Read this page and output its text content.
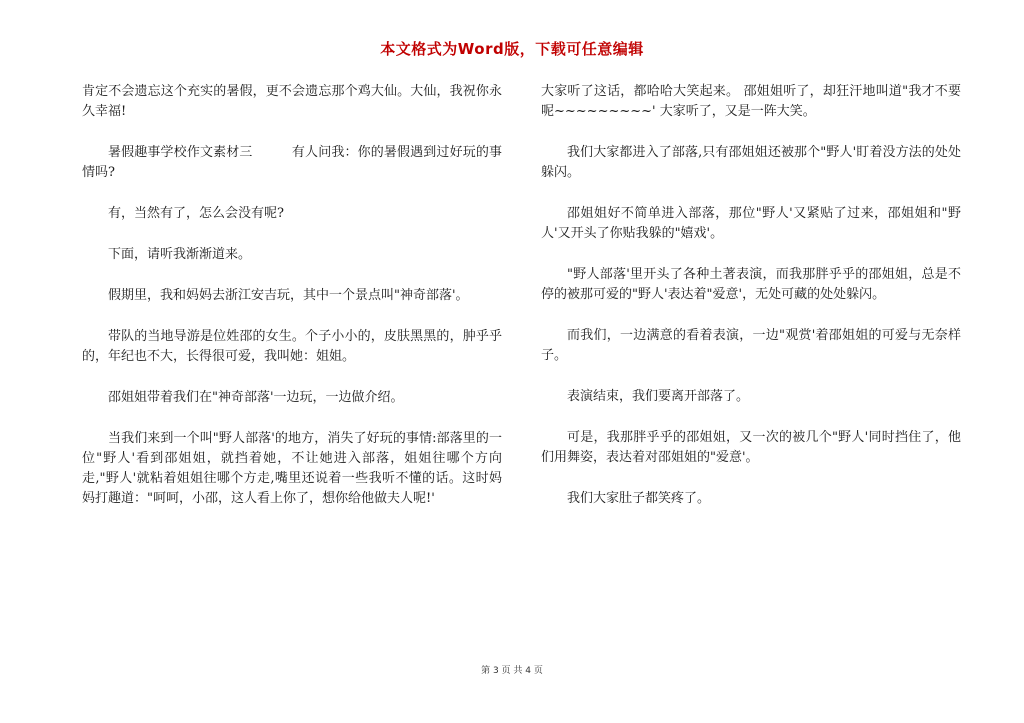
本文格式为Word版，下载可任意编辑

肯定不会遗忘这个充实的暑假，更不会遗忘那个鸡大仙。大仙，我祝你永久幸福!

暑假趣事学校作文素材三　　　有人问我：你的暑假遇到过好玩的事情吗?

有，当然有了，怎么会没有呢?

下面，请听我渐渐道来。

假期里，我和妈妈去浙江安吉玩，其中一个景点叫"神奇部落'。

带队的当地导游是位姓邵的女生。个子小小的，皮肤黑黑的，肿乎乎的，年纪也不大，长得很可爱，我叫她：姐姐。

邵姐姐带着我们在"神奇部落'一边玩，一边做介绍。

当我们来到一个叫"野人部落'的地方，消失了好玩的事情:部落里的一位"野人'看到邵姐姐，就挡着她，不让她进入部落，姐姐往哪个方向走,"野人'就粘着姐姐往哪个方走,嘴里还说着一些我听不懂的话。这时妈妈打趣道："呵呵，小邵，这人看上你了，想你给他做夫人呢!'

大家听了这话，都哈哈大笑起来。 邵姐姐听了，却狂汗地叫道"我才不要呢~~~~~~~~~' 大家听了，又是一阵大笑。

我们大家都进入了部落,只有邵姐姐还被那个"野人'盯着没方法的处处躲闪。

邵姐姐好不简单进入部落，那位"野人'又紧贴了过来，邵姐姐和"野人'又开头了你贴我躲的"嬉戏'。

"野人部落'里开头了各种土著表演，而我那胖乎乎的邵姐姐，总是不停的被那可爱的"野人'表达着"爱意'，无处可藏的处处躲闪。

而我们，一边满意的看着表演，一边"观赏'着邵姐姐的可爱与无奈样子。

表演结束，我们要离开部落了。

可是，我那胖乎乎的邵姐姐，又一次的被几个"野人'同时挡住了，他们用舞姿，表达着对邵姐姐的"爱意'。

我们大家肚子都笑疼了。

第 3 页 共 4 页
